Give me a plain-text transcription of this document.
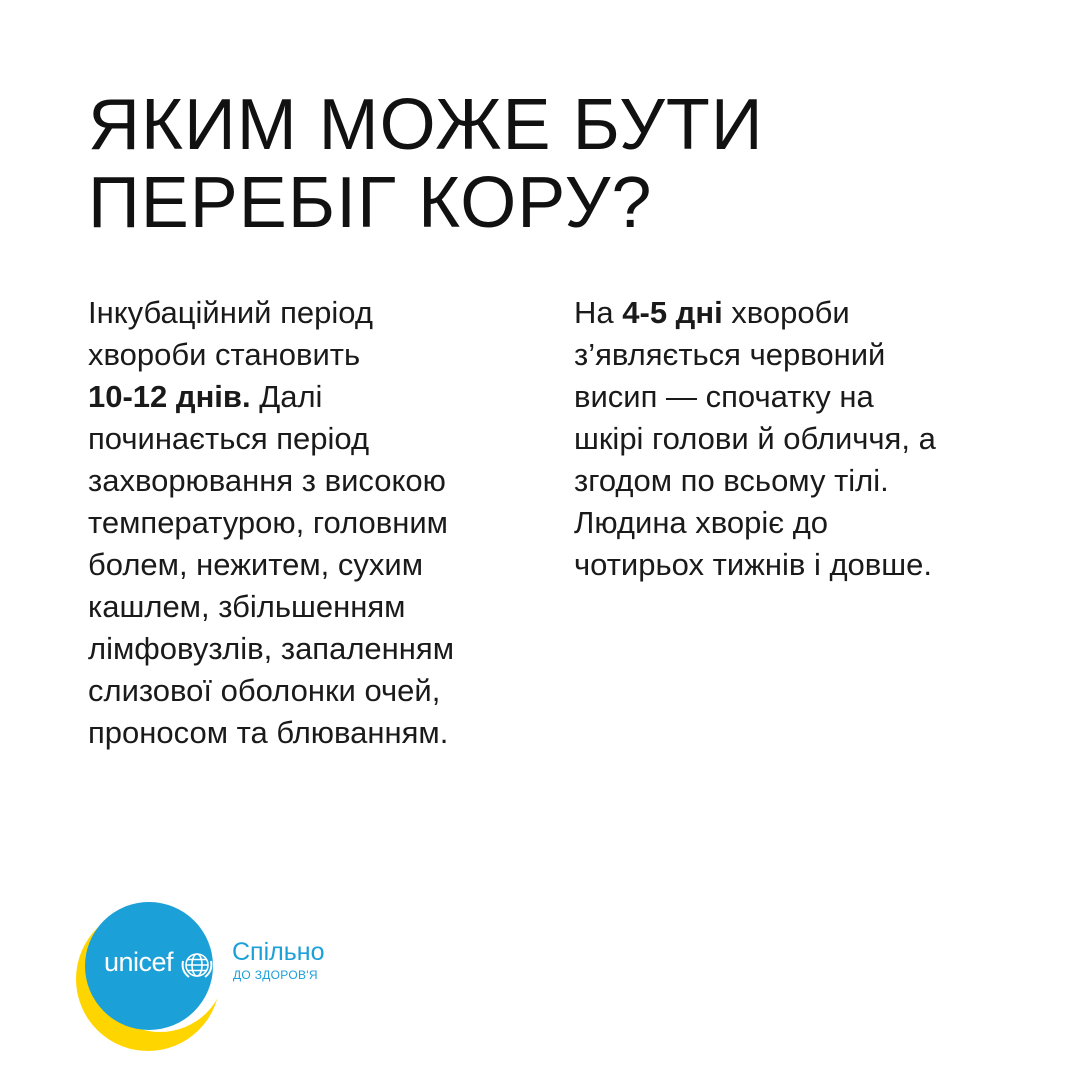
ЯКИМ МОЖЕ БУТИ
ПЕРЕБІГ КОРУ?

Інкубаційний період
хвороби становить
10-12 днів. Далі
починається період
захворювання з високою
температурою, головним
болем, нежитем, сухим
кашлем, збільшенням
лімфовузлів, запаленням
слизової оболонки очей,
проносом та блюванням.

На 4-5 дні хвороби
з’являється червоний
висип — спочатку на
шкірі голови й обличчя, а
згодом по всьому тілі.
Людина хворіє до
чотирьох тижнів і довше.

unicef Спільно
ДО ЗДОРОВ'Я
